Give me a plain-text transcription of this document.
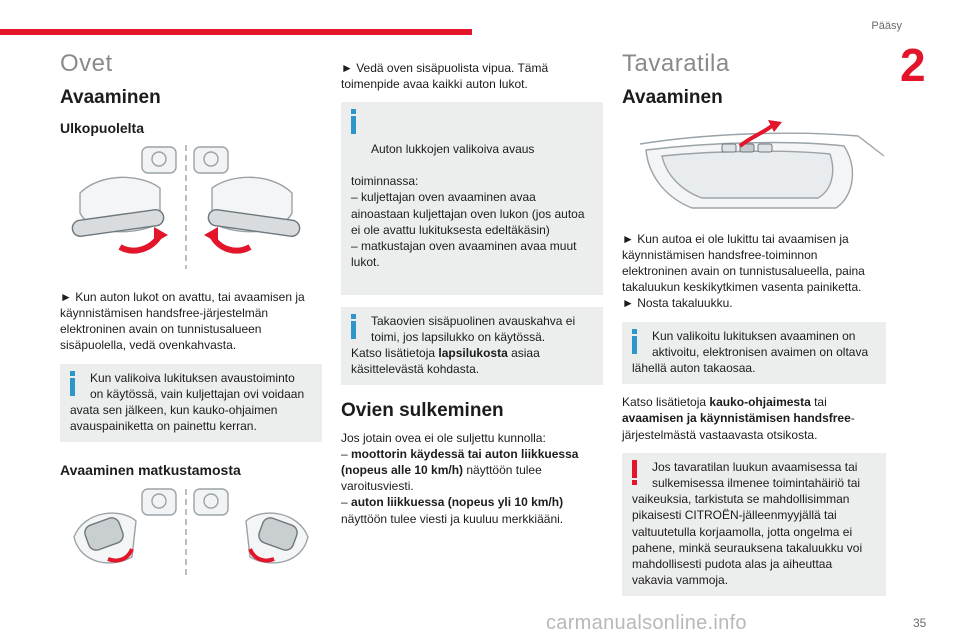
Pääsy
2
Ovet
Avaaminen
Ulkopuolelta

► Kun auton lukot on avattu, tai avaamisen ja käynnistämisen handsfree-järjestelmän elektroninen avain on tunnistusalueen sisäpuolella, vedä ovenkahvasta.

Kun valikoiva lukituksen avaustoiminto
on käytössä, vain kuljettajan ovi voidaan avata sen jälkeen, kun kauko-ohjaimen avauspainiketta on painettu kerran.
Avaaminen matkustamosta

► Vedä oven sisäpuolista vipua. Tämä toimenpide avaa kaikki auton lukot.

Auton lukkojen valikoiva avaus

toiminnassa:
– kuljettajan oven avaaminen avaa ainoastaan kuljettajan oven lukon (jos autoa ei ole avattu lukituksesta edeltäkäsin)
– matkustajan oven avaaminen avaa muut lukot.

Takaovien sisäpuolinen avauskahva ei
toimi, jos lapsilukko on käytössä.
Katso lisätietoja lapsilukosta asiaa käsittelevästä kohdasta.
Ovien sulkeminen

Jos jotain ovea ei ole suljettu kunnolla:

– moottorin käydessä tai auton liikkuessa (nopeus alle 10 km/h) näyttöön tulee varoitusviesti.

– auton liikkuessa (nopeus yli 10 km/h) näyttöön tulee viesti ja kuuluu merkkiääni.

Tavaratila
Avaaminen

► Kun autoa ei ole lukittu tai avaamisen ja käynnistämisen handsfree-toiminnon elektroninen avain on tunnistusalueella, paina takaluukun keskikytkimen vasenta painiketta.

► Nosta takaluukku.

Kun valikoitu lukituksen avaaminen on
aktivoitu, elektronisen avaimen on oltava lähellä auton takaosaa.

Katso lisätietoja kauko-ohjaimesta tai avaamisen ja käynnistämisen handsfree-järjestelmästä vastaavasta otsikosta.

Jos tavaratilan luukun avaamisessa tai
sulkemisessa ilmenee toimintahäiriö tai vaikeuksia, tarkistuta se mahdollisimman pikaisesti CITROËN-jälleenmyyjällä tai valtuutetulla korjaamolla, jotta ongelma ei pahene, minkä seurauksena takaluukku voi mahdollisesti pudota alas ja aiheuttaa vakavia vammoja.
carmanualsonline.info	35
